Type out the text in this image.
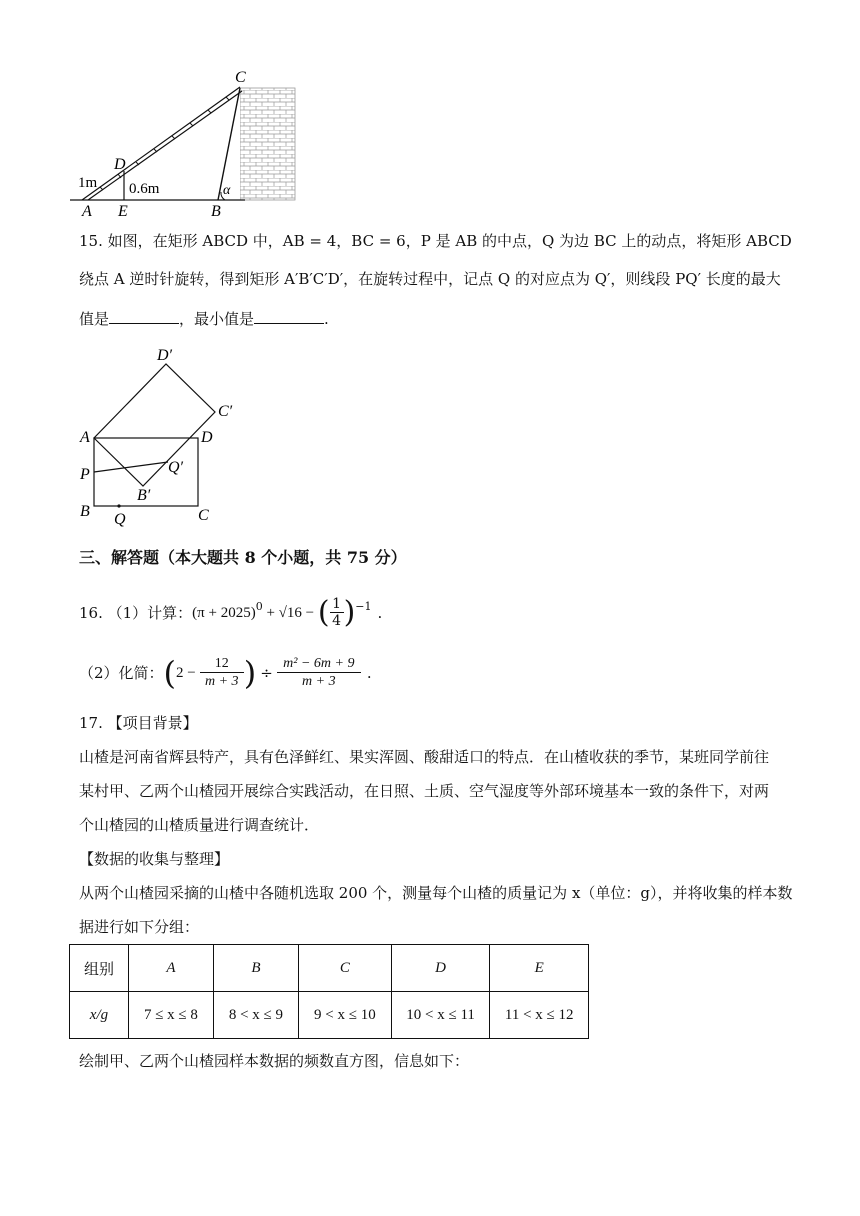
C
D
1m 0.6m
A E	B
α
15. 如图，在矩形 ABCD 中，AB = 4，BC = 6，P 是 AB 的中点，Q 为边 BC 上的动点，将矩形 ABCD
绕点 A 逆时针旋转，得到矩形 A′B′C′D′，在旋转过程中，记点 Q 的对应点为 Q′，则线段 PQ′ 长度的最大
值是	，最小值是	.
D′
C′
A	D
P	Q′
B′
B Q	C
三、解答题（本大题共 8 个小题，共 75 分）
16. （1）计算： $(\pi + 2025)^0 + √16$ − ( 1
4 )$^{-1}$ .
（2）化简： ( 2 −
12
m + 3 ) ÷ m² − 6m + 9
m + 3 .
17. 【项目背景】
山楂是河南省辉县特产，具有色泽鲜红、果实浑圆、酸甜适口的特点．在山楂收获的季节，某班同学前往
某村甲、乙两个山楂园开展综合实践活动，在日照、土质、空气湿度等外部环境基本一致的条件下，对两
个山楂园的山楂质量进行调查统计．
【数据的收集与整理】
从两个山楂园采摘的山楂中各随机选取 200 个，测量每个山楂的质量记为 x（单位：g），并将收集的样本数
据进行如下分组：
组别	A	B	C	D	E
x/g	7 ≤ x ≤ 8	8 < x ≤ 9	9 < x ≤ 10	10 < x ≤ 11	11 < x ≤ 12
绘制甲、乙两个山楂园样本数据的频数直方图，信息如下：
